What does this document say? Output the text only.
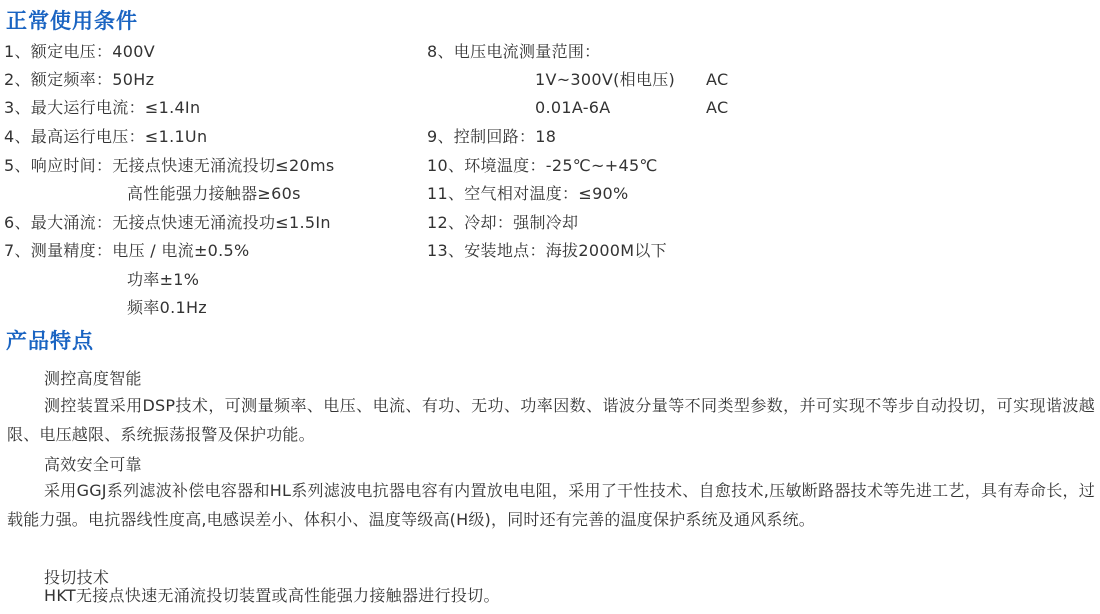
正常使用条件
1、额定电压：400V
2、额定频率：50Hz
3、最大运行电流：≤1.4In
4、最高运行电压：≤1.1Un
5、响应时间：无接点快速无涌流投切≤20ms
高性能强力接触器≥60s
6、最大涌流：无接点快速无涌流投功≤1.5In
7、测量精度：电压 / 电流±0.5%
功率±1%
频率0.1Hz
8、电压电流测量范围：
1V~300V(相电压) AC
0.01A-6A	AC
9、控制回路：18
10、环境温度：-25℃~+45℃
11、空气相对温度：≤90%
12、冷却：强制冷却
13、安装地点：海拔2000M以下
产品特点

测控高度智能

测控装置采用DSP技术，可测量频率、电压、电流、有功、无功、功率因数、谐波分量等不同类型参数，并可实现不等步自动投切，可实现谐波越限、电压越限、系统振荡报警及保护功能。

高效安全可靠

采用GGJ系列滤波补偿电容器和HL系列滤波电抗器电容有内置放电电阻，采用了干性技术、自愈技术,压敏断路器技术等先进工艺，具有寿命长，过载能力强。电抗器线性度高,电感误差小、体积小、温度等级高(H级)，同时还有完善的温度保护系统及通风系统。

投切技术

HKT无接点快速无涌流投切装置或高性能强力接触器进行投切。
